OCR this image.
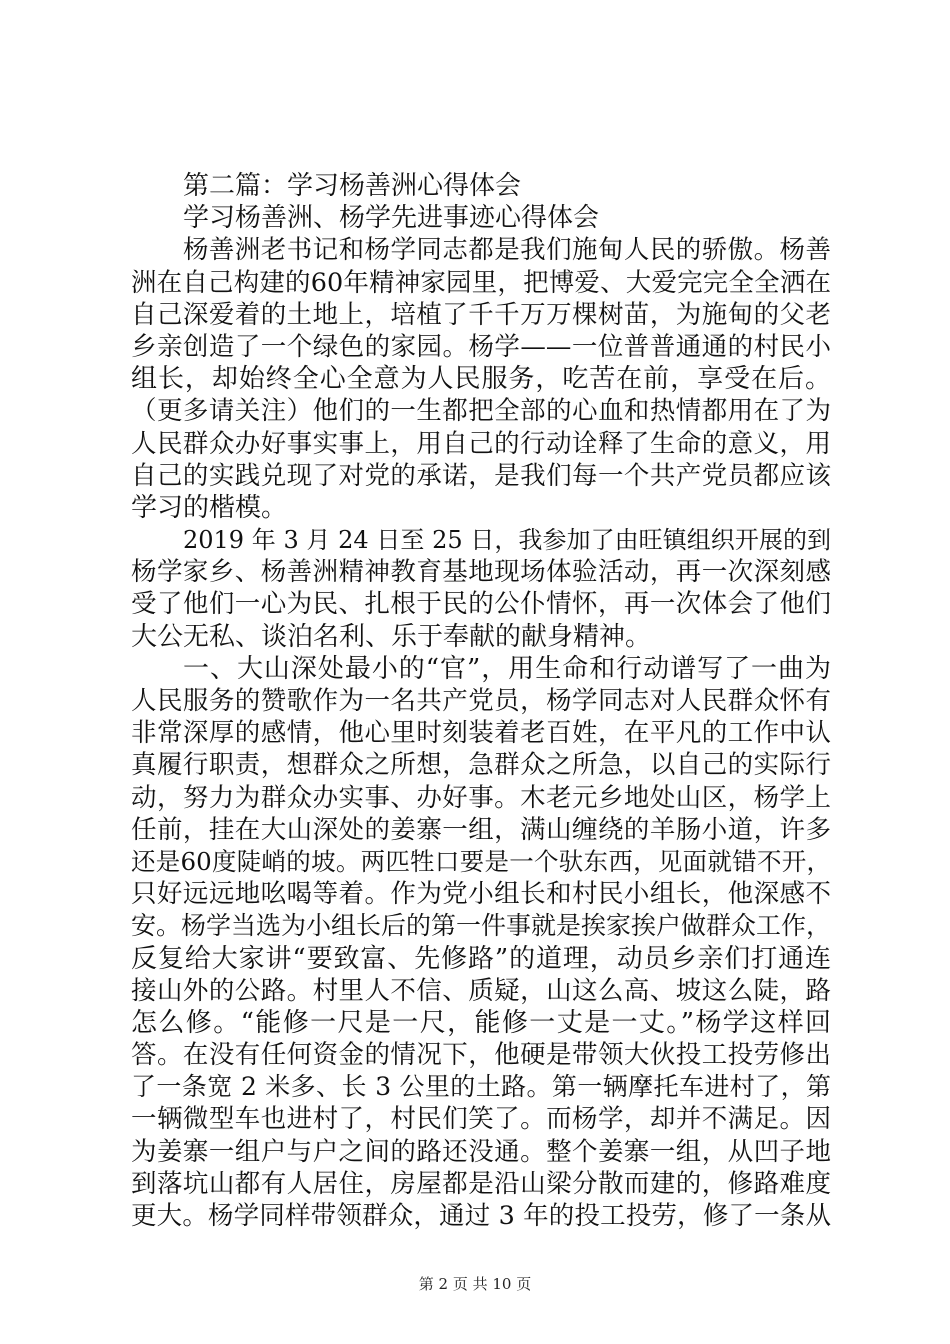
第二篇：学习杨善洲心得体会
学习杨善洲、杨学先进事迹心得体会
杨善洲老书记和杨学同志都是我们施甸人民的骄傲。杨善
洲在自己构建的60年精神家园里，把博爱、大爱完完全全洒在
自己深爱着的土地上，培植了千千万万棵树苗，为施甸的父老
乡亲创造了一个绿色的家园。杨学——一位普普通通的村民小
组长，却始终全心全意为人民服务，吃苦在前，享受在后。
（更多请关注）他们的一生都把全部的心血和热情都用在了为
人民群众办好事实事上，用自己的行动诠释了生命的意义，用
自己的实践兑现了对党的承诺，是我们每一个共产党员都应该
学习的楷模。
2019 年 3 月 24 日至 25 日，我参加了由旺镇组织开展的到
杨学家乡、杨善洲精神教育基地现场体验活动，再一次深刻感
受了他们一心为民、扎根于民的公仆情怀，再一次体会了他们
大公无私、谈泊名利、乐于奉献的献身精神。
一、大山深处最小的“官”，用生命和行动谱写了一曲为
人民服务的赞歌作为一名共产党员，杨学同志对人民群众怀有
非常深厚的感情，他心里时刻装着老百姓，在平凡的工作中认
真履行职责，想群众之所想，急群众之所急，以自己的实际行
动，努力为群众办实事、办好事。木老元乡地处山区，杨学上
任前，挂在大山深处的姜寨一组，满山缠绕的羊肠小道，许多
还是60度陡峭的坡。两匹牲口要是一个驮东西，见面就错不开，
只好远远地吆喝等着。作为党小组长和村民小组长，他深感不
安。杨学当选为小组长后的第一件事就是挨家挨户做群众工作，
反复给大家讲“要致富、先修路”的道理，动员乡亲们打通连
接山外的公路。村里人不信、质疑，山这么高、坡这么陡，路
怎么修。“能修一尺是一尺，能修一丈是一丈。”杨学这样回
答。在没有任何资金的情况下，他硬是带领大伙投工投劳修出
了一条宽 2 米多、长 3 公里的土路。第一辆摩托车进村了，第
一辆微型车也进村了，村民们笑了。而杨学，却并不满足。因
为姜寨一组户与户之间的路还没通。整个姜寨一组，从凹子地
到落坑山都有人居住，房屋都是沿山梁分散而建的，修路难度
更大。杨学同样带领群众，通过 3 年的投工投劳，修了一条从
第 2 页 共 10 页
